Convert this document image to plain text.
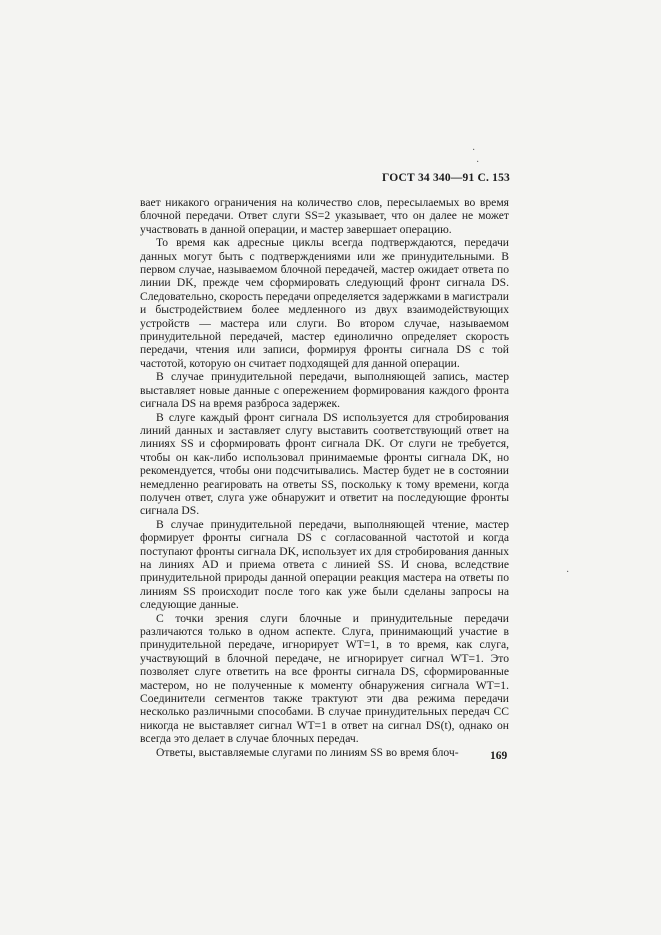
·
·
·
ГОСТ 34 340—91 С. 153

вает никакого ограничения на количество слов, пересылаемых во время блочной передачи. Ответ слуги SS=2 указывает, что он далее не может участвовать в данной операции, и мастер завершает операцию.

То время как адресные циклы всегда подтверждаются, передачи данных могут быть с подтверждениями или же принудительными. В первом случае, называемом блочной передачей, мастер ожидает ответа по линии DK, прежде чем сформировать следующий фронт сигнала DS. Следовательно, скорость передачи определяется задержками в магистрали и быстродействием более медленного из двух взаимодействующих устройств — мастера или слуги. Во втором случае, называемом принудительной передачей, мастер единолично определяет скорость передачи, чтения или записи, формируя фронты сигнала DS с той частотой, которую он считает подходящей для данной операции.

В случае принудительной передачи, выполняющей запись, мастер выставляет новые данные с опережением формирования каждого фронта сигнала DS на время разброса задержек.

В слуге каждый фронт сигнала DS используется для стробирования линий данных и заставляет слугу выставить соответствующий ответ на линиях SS и сформировать фронт сигнала DK. От слуги не требуется, чтобы он как-либо использовал принимаемые фронты сигнала DK, но рекомендуется, чтобы они подсчитывались. Мастер будет не в состоянии немедленно реагировать на ответы SS, поскольку к тому времени, когда получен ответ, слуга уже обнаружит и ответит на последующие фронты сигнала DS.

В случае принудительной передачи, выполняющей чтение, мастер формирует фронты сигнала DS с согласованной частотой и когда поступают фронты сигнала DK, использует их для стробирования данных на линиях AD и приема ответа с линией SS. И снова, вследствие принудительной природы данной операции реакция мастера на ответы по линиям SS происходит после того как уже были сделаны запросы на следующие данные.

С точки зрения слуги блочные и принудительные передачи различаются только в одном аспекте. Слуга, принимающий участие в принудительной передаче, игнорирует WT=1, в то время, как слуга, участвующий в блочной передаче, не игнорирует сигнал WT=1. Это позволяет слуге ответить на все фронты сигнала DS, сформированные мастером, но не полученные к моменту обнаружения сигнала WT=1. Соединители сегментов также трактуют эти два режима передачи несколько различными способами. В случае принудительных передач CC никогда не выставляет сигнал WT=1 в ответ на сигнал DS(t), однако он всегда это делает в случае блочных передач.

Ответы, выставляемые слугами по линиям SS во время блоч-	169
